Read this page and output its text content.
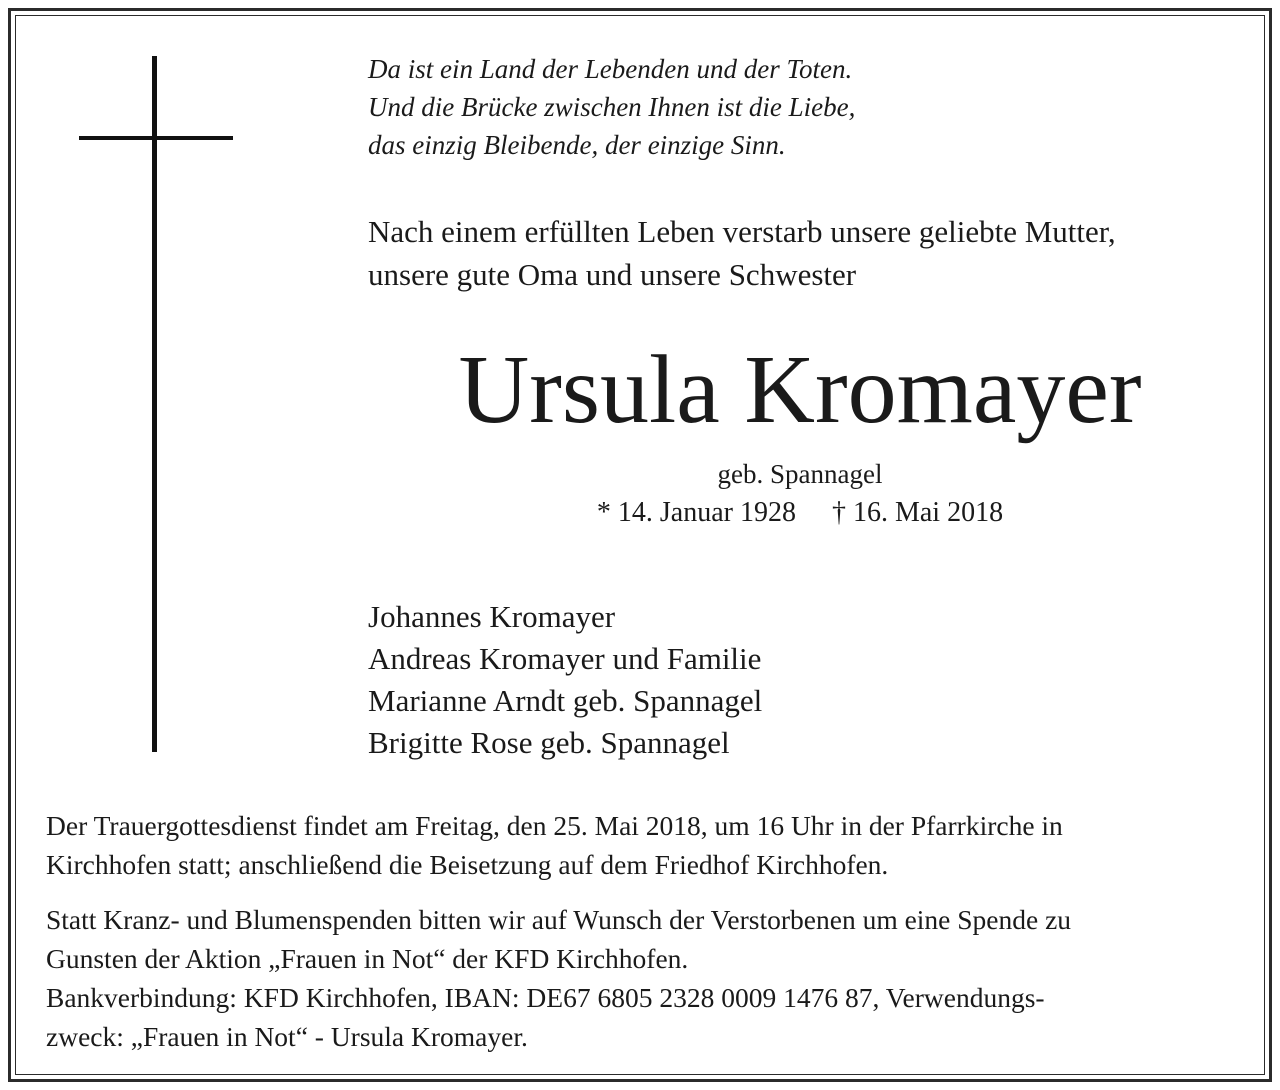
Da ist ein Land der Lebenden und der Toten.
Und die Brücke zwischen Ihnen ist die Liebe,
das einzig Bleibende, der einzige Sinn.
Nach einem erfüllten Leben verstarb unsere geliebte Mutter,
unsere gute Oma und unsere Schwester
Ursula Kromayer
geb. Spannagel
* 14. Januar 1928 † 16. Mai 2018
Johannes Kromayer
Andreas Kromayer und Familie
Marianne Arndt geb. Spannagel
Brigitte Rose geb. Spannagel
Der Trauergottesdienst findet am Freitag, den 25. Mai 2018, um 16 Uhr in der Pfarrkirche in
Kirchhofen statt; anschließend die Beisetzung auf dem Friedhof Kirchhofen.
Statt Kranz- und Blumenspenden bitten wir auf Wunsch der Verstorbenen um eine Spende zu
Gunsten der Aktion „Frauen in Not“ der KFD Kirchhofen.
Bankverbindung: KFD Kirchhofen, IBAN: DE67 6805 2328 0009 1476 87, Verwendungs-
zweck: „Frauen in Not“ - Ursula Kromayer.
